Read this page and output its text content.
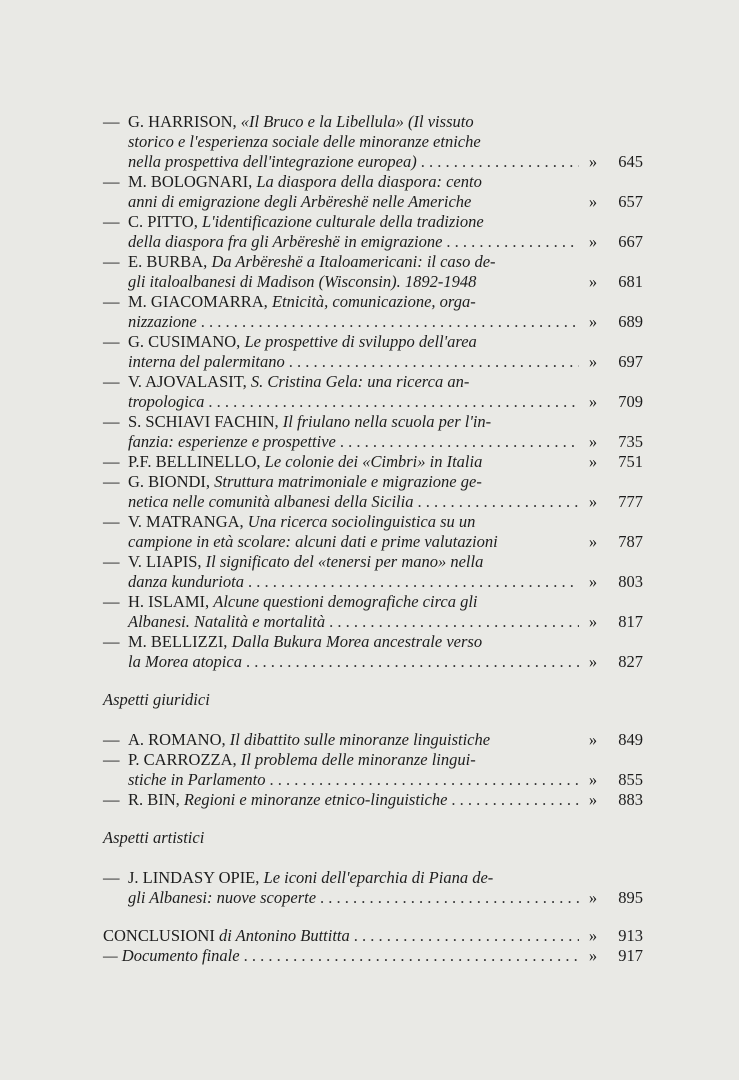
— G. HARRISON, «Il Bruco e la Libellula» (Il vissuto
storico e l'esperienza sociale delle minoranze etniche
nella prospettiva dell'integrazione europea) . . .	»	645
— M. BOLOGNARI, La diaspora della diaspora: cento
anni di emigrazione degli Arbëreshë nelle Americhe	»	657
— C. PITTO, L'identificazione culturale della tradizione
della diaspora fra gli Arbëreshë in emigrazione . . .	»	667
— E. BURBA, Da Arbëreshë a Italoamericani: il caso de-
gli italoalbanesi di Madison (Wisconsin). 1892-1948	»	681
— M. GIACOMARRA, Etnicità, comunicazione, orga-
nizzazione . . .	»	689
— G. CUSIMANO, Le prospettive di sviluppo dell'area
interna del palermitano . . .	»	697
— V. AJOVALASIT, S. Cristina Gela: una ricerca an-
tropologica . . .	»	709
— S. SCHIAVI FACHIN, Il friulano nella scuola per l'in-
fanzia: esperienze e prospettive . . .	»	735
— P.F. BELLINELLO, Le colonie dei «Cimbri» in Italia	»	751
— G. BIONDI, Struttura matrimoniale e migrazione ge-
netica nelle comunità albanesi della Sicilia . . .	»	777
— V. MATRANGA, Una ricerca sociolinguistica su un
campione in età scolare: alcuni dati e prime valutazioni	»	787
— V. LIAPIS, Il significato del «tenersi per mano» nella
danza kunduriota . . .	»	803
— H. ISLAMI, Alcune questioni demografiche circa gli
Albanesi. Natalità e mortalità . . .	»	817
— M. BELLIZZI, Dalla Bukura Morea ancestrale verso
la Morea atopica . . .	»	827
Aspetti giuridici
— A. ROMANO, Il dibattito sulle minoranze linguistiche	»	849
— P. CARROZZA, Il problema delle minoranze lingui-
stiche in Parlamento . . .	»	855
— R. BIN, Regioni e minoranze etnico-linguistiche . . .	»	883
Aspetti artistici
— J. LINDASY OPIE, Le iconi dell'eparchia di Piana de-
gli Albanesi: nuove scoperte . . .	»	895
CONCLUSIONI di Antonino Buttitta . . .	»	913
— Documento finale . . .	»	917
